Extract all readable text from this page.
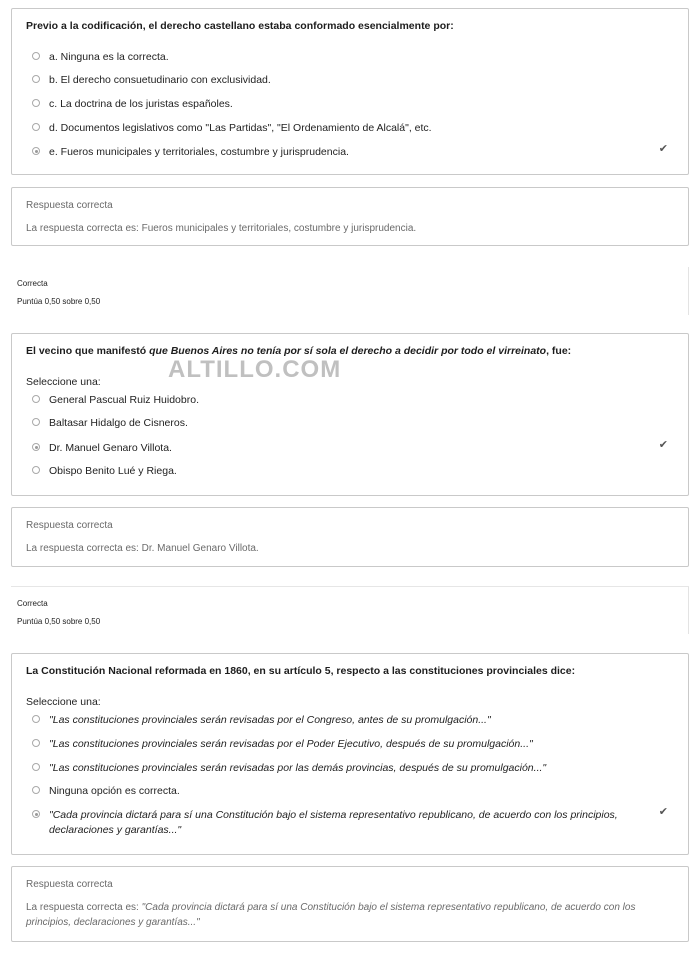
Previo a la codificación, el derecho castellano estaba conformado esencialmente por:
a. Ninguna es la correcta.
b. El derecho consuetudinario con exclusividad.
c. La doctrina de los juristas españoles.
d. Documentos legislativos como "Las Partidas", "El Ordenamiento de Alcalá", etc.
e. Fueros municipales y territoriales, costumbre y jurisprudencia.	✔
Respuesta correcta
La respuesta correcta es: Fueros municipales y territoriales, costumbre y jurisprudencia.
Correcta
Puntúa 0,50 sobre 0,50
El vecino que manifestó que Buenos Aires no tenía por sí sola el derecho a decidir por todo el virreinato, fue:
Seleccione una:
General Pascual Ruiz Huidobro.
Baltasar Hidalgo de Cisneros.
Dr. Manuel Genaro Villota.
Obispo Benito Lué y Riega.
✔
ALTILLO.COM
Respuesta correcta
La respuesta correcta es: Dr. Manuel Genaro Villota.
Correcta
Puntúa 0,50 sobre 0,50
La Constitución Nacional reformada en 1860, en su artículo 5, respecto a las constituciones provinciales dice:
Seleccione una:
"Las constituciones provinciales serán revisadas por el Congreso, antes de su promulgación..."
"Las constituciones provinciales serán revisadas por el Poder Ejecutivo, después de su promulgación..."
"Las constituciones provinciales serán revisadas por las demás provincias, después de su promulgación..."
Ninguna opción es correcta.
"Cada provincia dictará para sí una Constitución bajo el sistema representativo republicano, de acuerdo con los principios, declaraciones y garantías..."
✔
Respuesta correcta
La respuesta correcta es: "Cada provincia dictará para sí una Constitución bajo el sistema representativo republicano, de acuerdo con los principios, declaraciones y garantías..."
